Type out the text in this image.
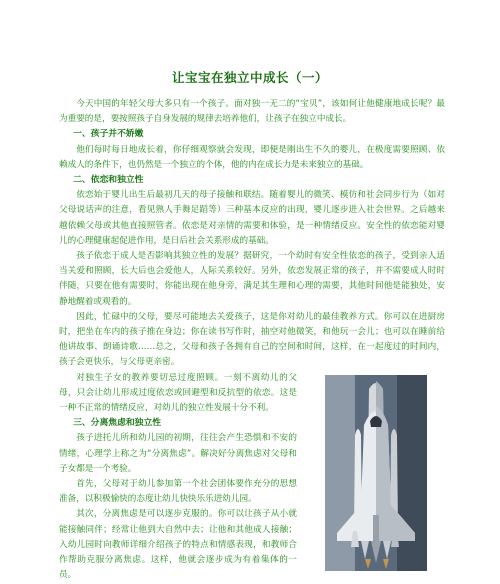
让宝宝在独立中成长（一）

今天中国的年轻父母大多只有一个孩子。面对独一无二的“宝贝”，该如何让他健康地成长呢？最为重要的是，要按照孩子自身发展的规律去培养他们，让孩子在独立中成长。

一、孩子并不娇嫩

他们每时每日地成长着，你仔细观察就会发现，即便是刚出生不久的婴儿，在极度需要照顾、依赖成人的条件下，也仍然是一个独立的个体，他的内在成长力是未来独立的基础。

二、依恋和独立性

依恋始于婴儿出生后最初几天的母子接触和联结。随着婴儿的微笑、模仿和社会同步行为（如对父母说话声的注意，看见熟人手舞足蹈等）三种基本反应的出现，婴儿逐步进入社会世界。之后越来越依赖父母或其他直接照管者。依恋是对亲情的需要和体验，是一种情绪反应。安全性的依恋能对婴儿的心理健康起促进作用，是日后社会关系形成的基础。

孩子依恋于成人是否影响其独立性的发展？据研究，一个幼时有安全性依恋的孩子，受到亲人适当关爱和照顾，长大后也会爱他人，人际关系较好。另外，依恋发展正常的孩子，并不需要成人时时伴随，只要在他有需要时，你能出现在他身旁，满足其生理和心理的需要，其他时间他是能独处，安静地醒着或观看的。

因此，忙碌中的父母，要尽可能地去关爱孩子，这是你对幼儿的最佳教养方式。你可以在进厨房时，把坐在车内的孩子推在身边；你在读书写作时，抽空对他微笑，和他玩一会儿；也可以在睡前给他讲故事、朗诵诗歌……总之，父母和孩子各拥有自己的空间和时间，这样，在一起度过的时间内，孩子会更快乐，与父母更亲密。

对独生子女的教养要切忌过度照顾。一刻不离幼儿的父母，只会让幼儿形成过度依恋或回避型和反抗型的依恋。这是一种不正常的情绪反应，对幼儿的独立性发展十分不利。

三、分离焦虑和独立性

孩子进托儿所和幼儿园的初期，往往会产生恐惧和不安的情绪，心理学上称之为“分离焦虑”。解决好分离焦虑对父母和子女都是一个考验。

首先，父母对于幼儿参加第一个社会团体要作充分的思想准备，以积极愉快的态度让幼儿快快乐乐进幼儿园。

其次，分离焦虑是可以逐步克服的。你可以让孩子从小就能接触同伴；经常让他到大自然中去；让他和其他成人接触；入幼儿园时向教师详细介绍孩子的特点和情感表现，和教师合作帮助克服分离焦虑。这样，他就会逐步成为有着集体的一员。
